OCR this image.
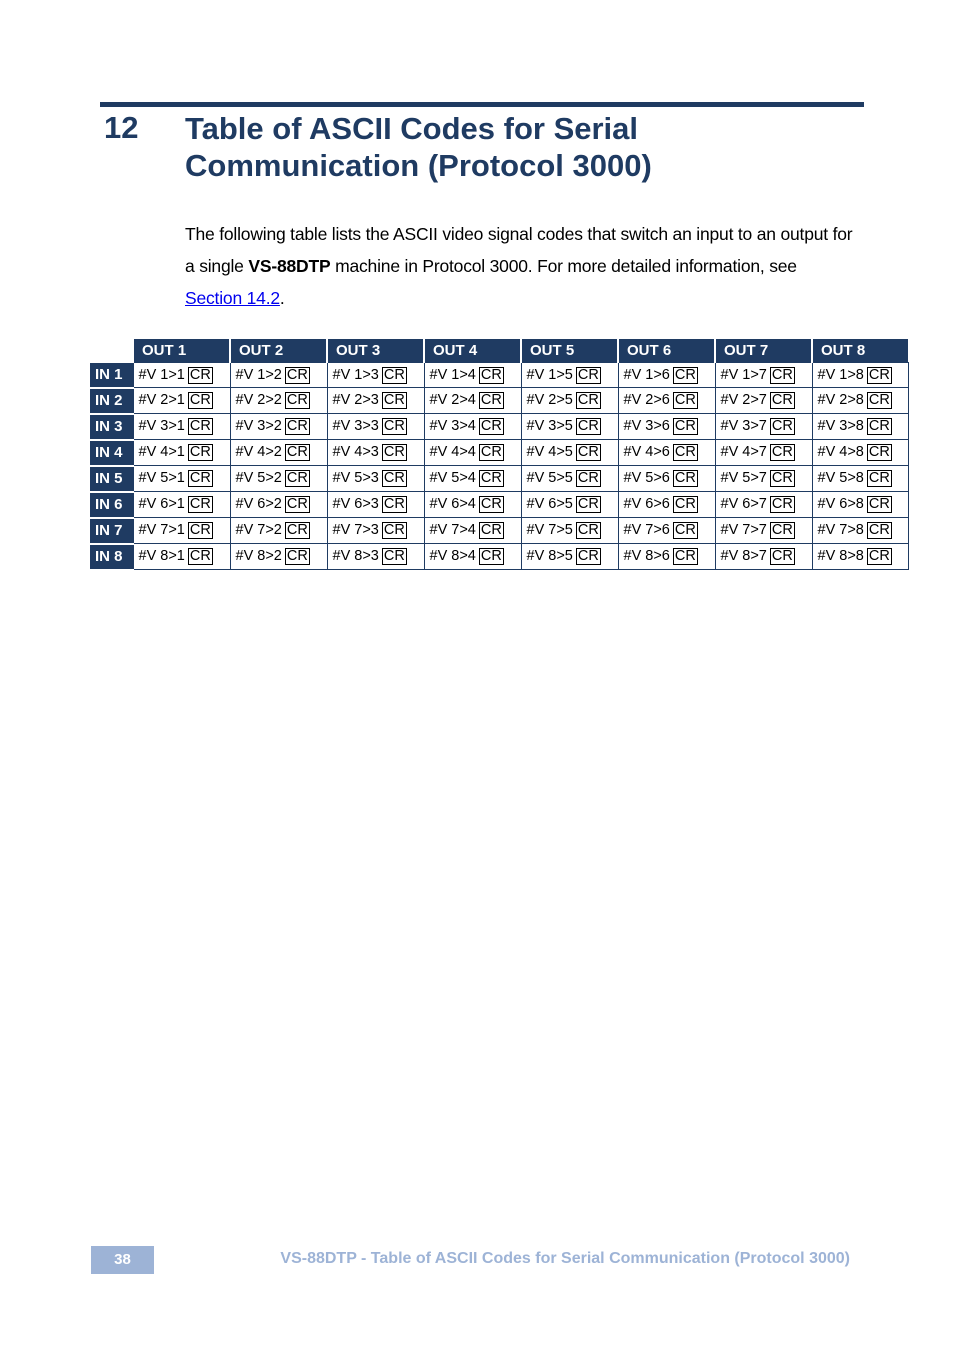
12 Table of ASCII Codes for Serial
Communication (Protocol 3000)

The following table lists the ASCII video signal codes that switch an input to an output for a single VS-88DTP machine in Protocol 3000. For more detailed information, see Section 14.2.

	OUT 1	OUT 2	OUT 3	OUT 4	OUT 5	OUT 6	OUT 7	OUT 8
IN 1	#V 1>1 CR	#V 1>2 CR	#V 1>3 CR	#V 1>4 CR	#V 1>5 CR	#V 1>6 CR	#V 1>7 CR	#V 1>8 CR
IN 2	#V 2>1 CR	#V 2>2 CR	#V 2>3 CR	#V 2>4 CR	#V 2>5 CR	#V 2>6 CR	#V 2>7 CR	#V 2>8 CR
IN 3	#V 3>1 CR	#V 3>2 CR	#V 3>3 CR	#V 3>4 CR	#V 3>5 CR	#V 3>6 CR	#V 3>7 CR	#V 3>8 CR
IN 4	#V 4>1 CR	#V 4>2 CR	#V 4>3 CR	#V 4>4 CR	#V 4>5 CR	#V 4>6 CR	#V 4>7 CR	#V 4>8 CR
IN 5	#V 5>1 CR	#V 5>2 CR	#V 5>3 CR	#V 5>4 CR	#V 5>5 CR	#V 5>6 CR	#V 5>7 CR	#V 5>8 CR
IN 6	#V 6>1 CR	#V 6>2 CR	#V 6>3 CR	#V 6>4 CR	#V 6>5 CR	#V 6>6 CR	#V 6>7 CR	#V 6>8 CR
IN 7	#V 7>1 CR	#V 7>2 CR	#V 7>3 CR	#V 7>4 CR	#V 7>5 CR	#V 7>6 CR	#V 7>7 CR	#V 7>8 CR
IN 8	#V 8>1 CR	#V 8>2 CR	#V 8>3 CR	#V 8>4 CR	#V 8>5 CR	#V 8>6 CR	#V 8>7 CR	#V 8>8 CR
38	VS-88DTP - Table of ASCII Codes for Serial Communication (Protocol 3000)
